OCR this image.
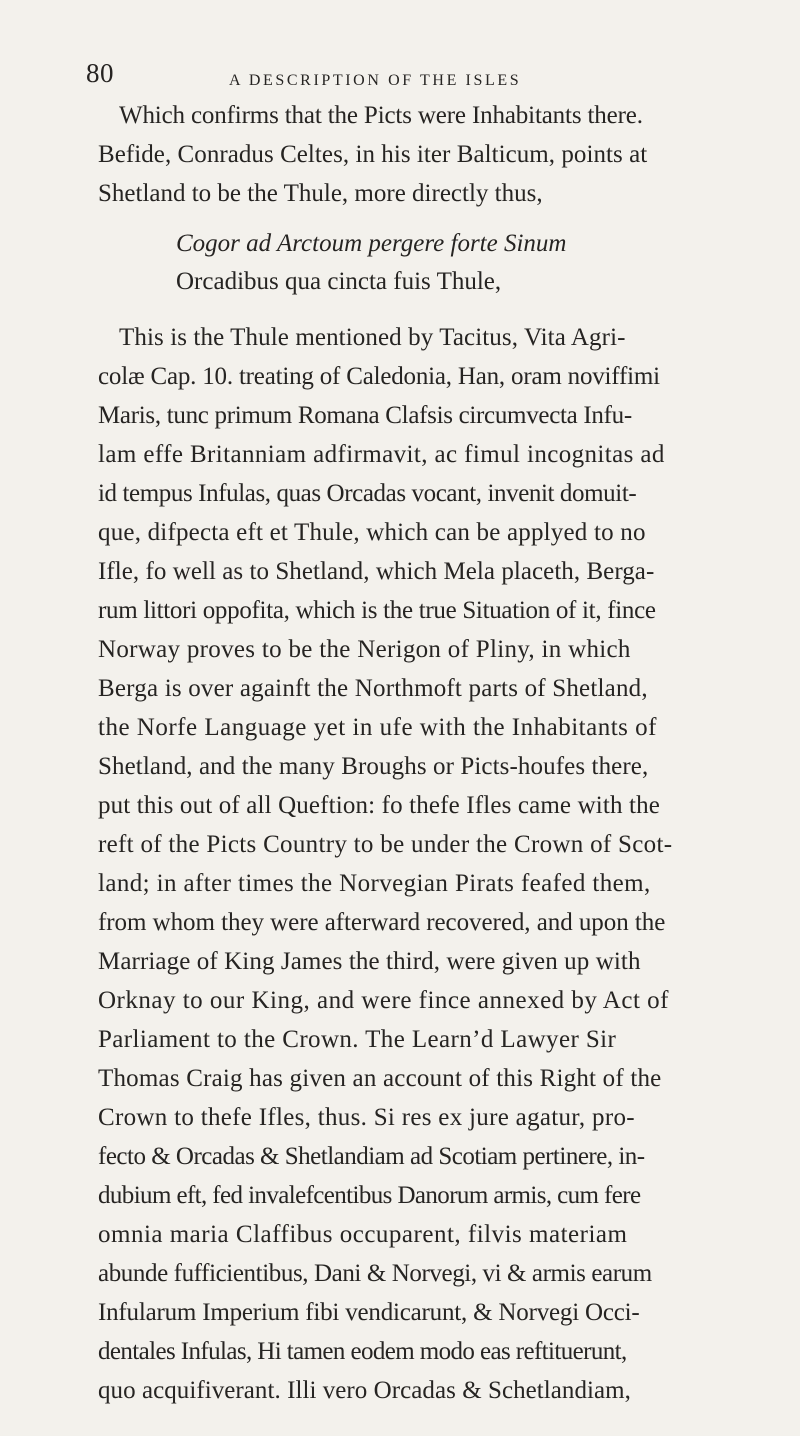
80	A DESCRIPTION OF THE ISLES
Which confirms that the Picts were Inhabitants there.
Befide, Conradus Celtes, in his iter Balticum, points at
Shetland to be the Thule, more directly thus,
Cogor ad Arctoum pergere forte Sinum
Orcadibus qua cincta fuis Thule,
This is the Thule mentioned by Tacitus, Vita Agri-
colæ Cap. 10. treating of Caledonia, Han, oram noviffimi
Maris, tunc primum Romana Clafsis circumvecta Infu-
lam effe Britanniam adfirmavit, ac fimul incognitas ad
id tempus Infulas, quas Orcadas vocant, invenit domuit-
que, difpecta eft et Thule, which can be applyed to no
Ifle, fo well as to Shetland, which Mela placeth, Berga-
rum littori oppofita, which is the true Situation of it, fince
Norway proves to be the Nerigon of Pliny, in which
Berga is over againft the Northmoft parts of Shetland,
the Norfe Language yet in ufe with the Inhabitants of
Shetland, and the many Broughs or Picts-houfes there,
put this out of all Queftion: fo thefe Ifles came with the
reft of the Picts Country to be under the Crown of Scot-
land; in after times the Norvegian Pirats feafed them,
from whom they were afterward recovered, and upon the
Marriage of King James the third, were given up with
Orknay to our King, and were fince annexed by Act of
Parliament to the Crown. The Learn’d Lawyer Sir
Thomas Craig has given an account of this Right of the
Crown to thefe Ifles, thus. Si res ex jure agatur, pro-
fecto & Orcadas & Shetlandiam ad Scotiam pertinere, in-
dubium eft, fed invalefcentibus Danorum armis, cum fere
omnia maria Claffibus occuparent, filvis materiam
abunde fufficientibus, Dani & Norvegi, vi & armis earum
Infularum Imperium fibi vendicarunt, & Norvegi Occi-
dentales Infulas, Hi tamen eodem modo eas reftituerunt,
quo acquifiverant. Illi vero Orcadas & Schetlandiam,
